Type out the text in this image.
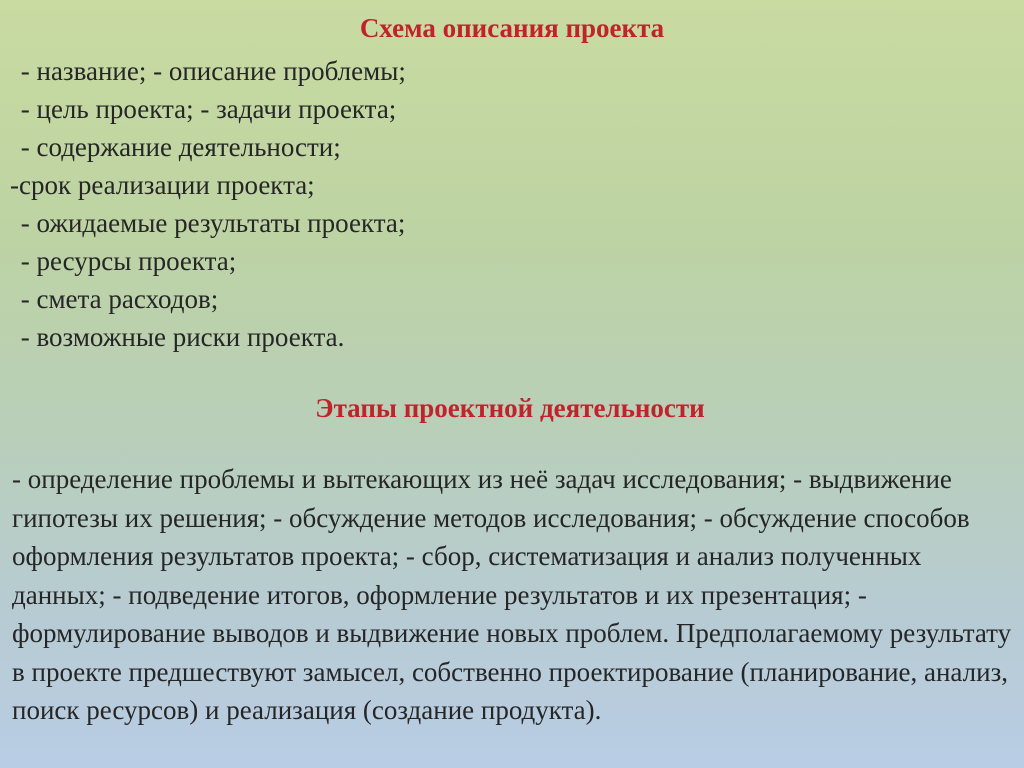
Схема описания проекта
- название; - описание проблемы;
- цель проекта; - задачи проекта;
- содержание деятельности;
-срок реализации проекта;
- ожидаемые результаты проекта;
- ресурсы проекта;
- смета расходов;
- возможные риски проекта.
Этапы проектной деятельности
- определение проблемы и вытекающих из неё задач исследования; - выдвижение гипотезы их решения; - обсуждение методов исследования; - обсуждение способов оформления результатов проекта; - сбор, систематизация и анализ полученных данных; - подведение итогов, оформление результатов и их презентация; - формулирование выводов и выдвижение новых проблем. Предполагаемому результату в проекте предшествуют замысел, собственно проектирование (планирование, анализ, поиск ресурсов) и реализация (создание продукта).
